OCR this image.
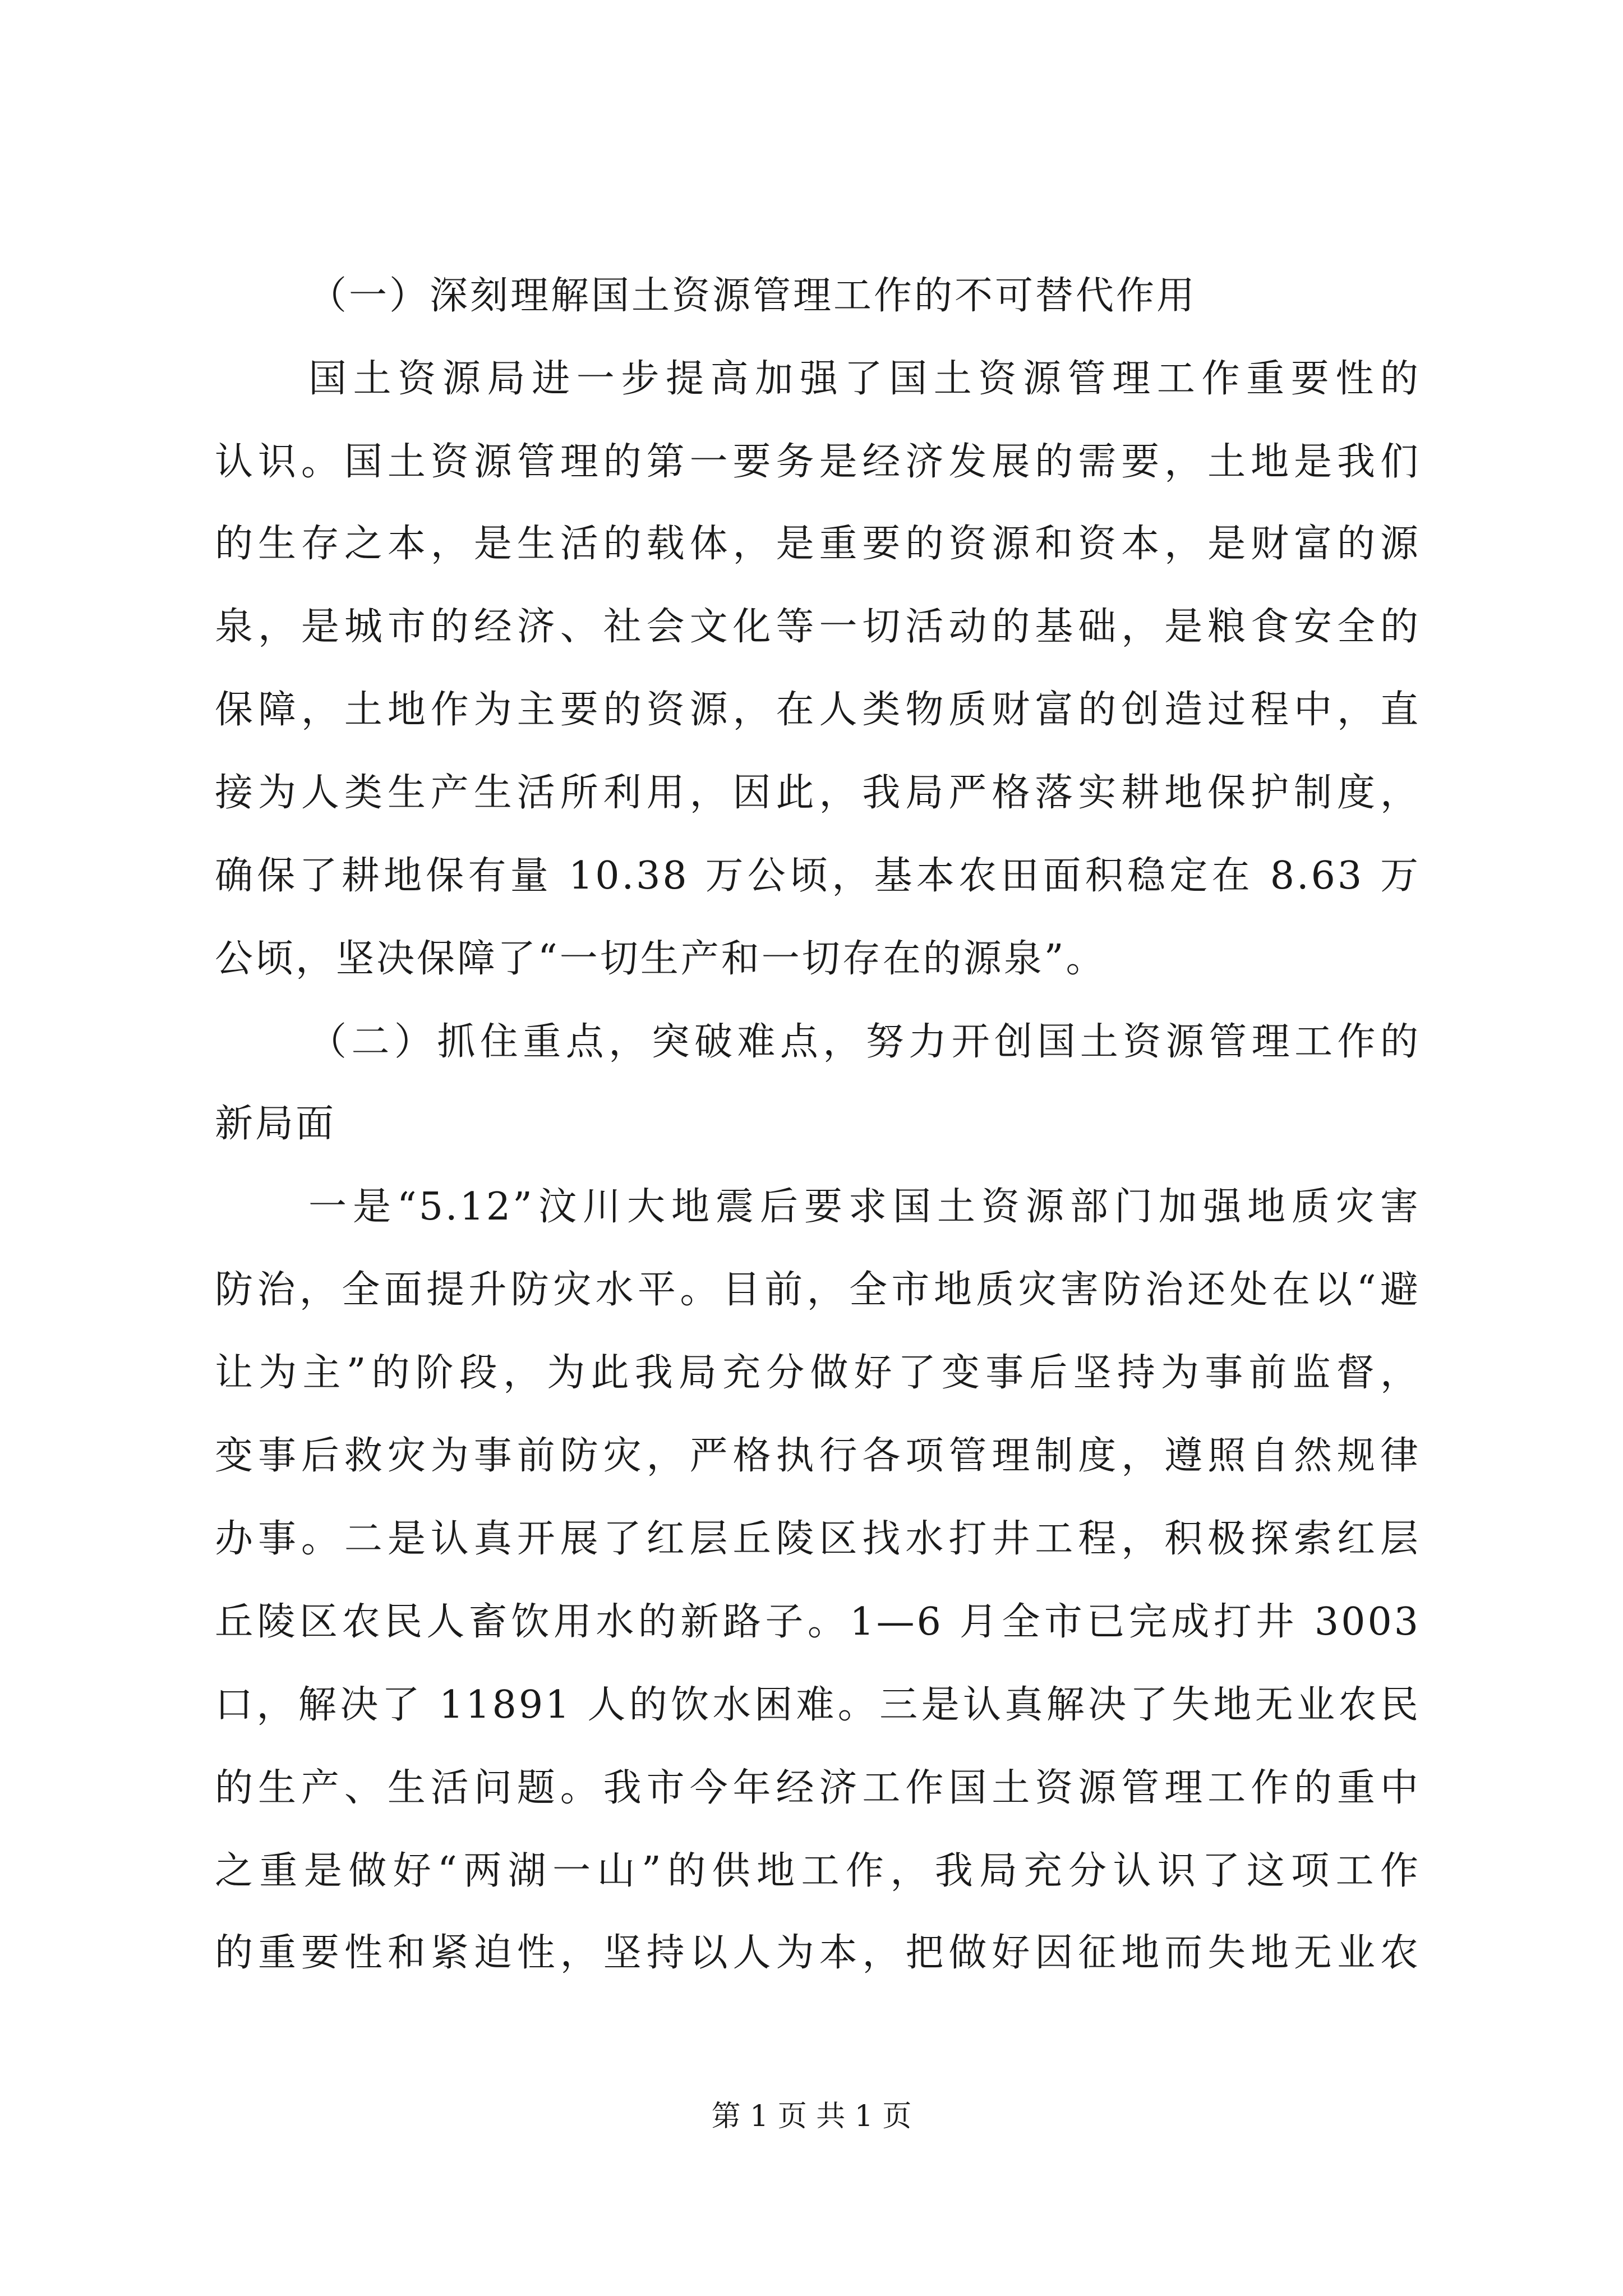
（一）深刻理解国土资源管理工作的不可替代作用
国土资源局进一步提高加强了国土资源管理工作重要性的
认识。国土资源管理的第一要务是经济发展的需要，土地是我们
的生存之本，是生活的载体，是重要的资源和资本，是财富的源
泉，是城市的经济、社会文化等一切活动的基础，是粮食安全的
保障，土地作为主要的资源，在人类物质财富的创造过程中，直
接为人类生产生活所利用，因此，我局严格落实耕地保护制度，
确保了耕地保有量 10.38 万公顷，基本农田面积稳定在 8.63 万
公顷，坚决保障了“一切生产和一切存在的源泉”。
（二）抓住重点，突破难点，努力开创国土资源管理工作的
新局面
一是“5.12”汶川大地震后要求国土资源部门加强地质灾害
防治，全面提升防灾水平。目前，全市地质灾害防治还处在以“避
让为主”的阶段，为此我局充分做好了变事后坚持为事前监督，
变事后救灾为事前防灾，严格执行各项管理制度，遵照自然规律
办事。二是认真开展了红层丘陵区找水打井工程，积极探索红层
丘陵区农民人畜饮用水的新路子。1—6 月全市已完成打井 3003
口，解决了 11891 人的饮水困难。三是认真解决了失地无业农民
的生产、生活问题。我市今年经济工作国土资源管理工作的重中
之重是做好“两湖一山”的供地工作，我局充分认识了这项工作
的重要性和紧迫性，坚持以人为本，把做好因征地而失地无业农
第 1 页 共 1 页
